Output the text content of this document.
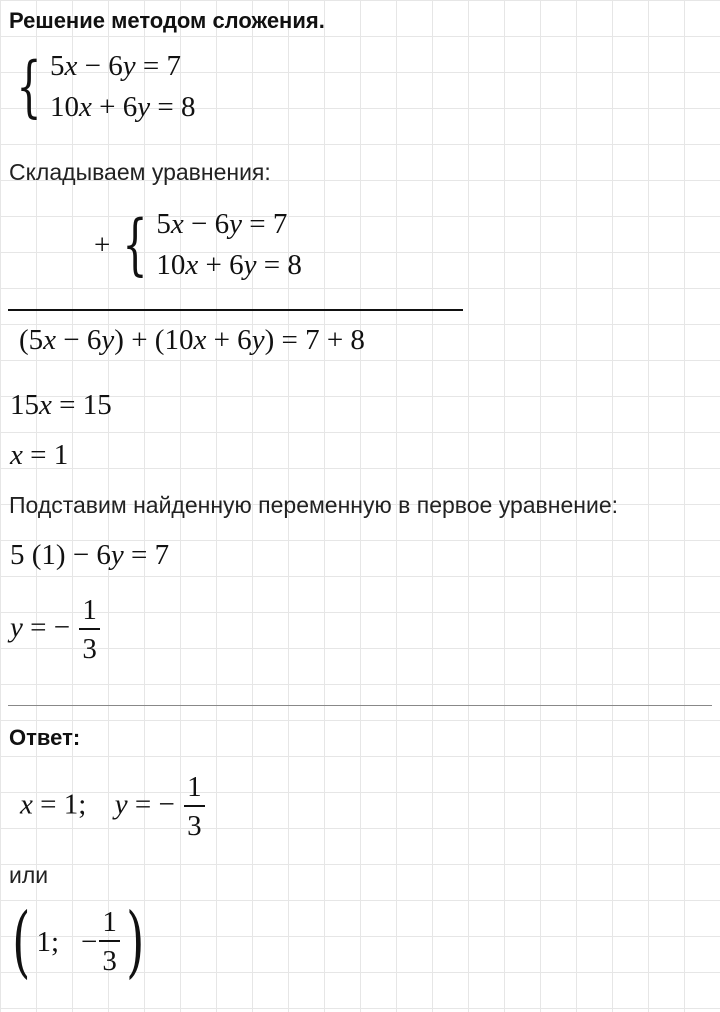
Решение методом сложения.
{ 5x − 6y = 7
10x + 6y = 8
Складываем уравнения:
+ { 5x − 6y = 7
10x + 6y = 8
(5x − 6y) + (10x + 6y) = 7 + 8
15x = 15
x = 1
Подставим найденную переменную в первое уравнение:
5 (1) − 6y = 7
y = − $\frac{1}{3}$
Ответ:
x = 1; y = − $\frac{1}{3}$
или
( 1; − $\frac{1}{3}$ )
